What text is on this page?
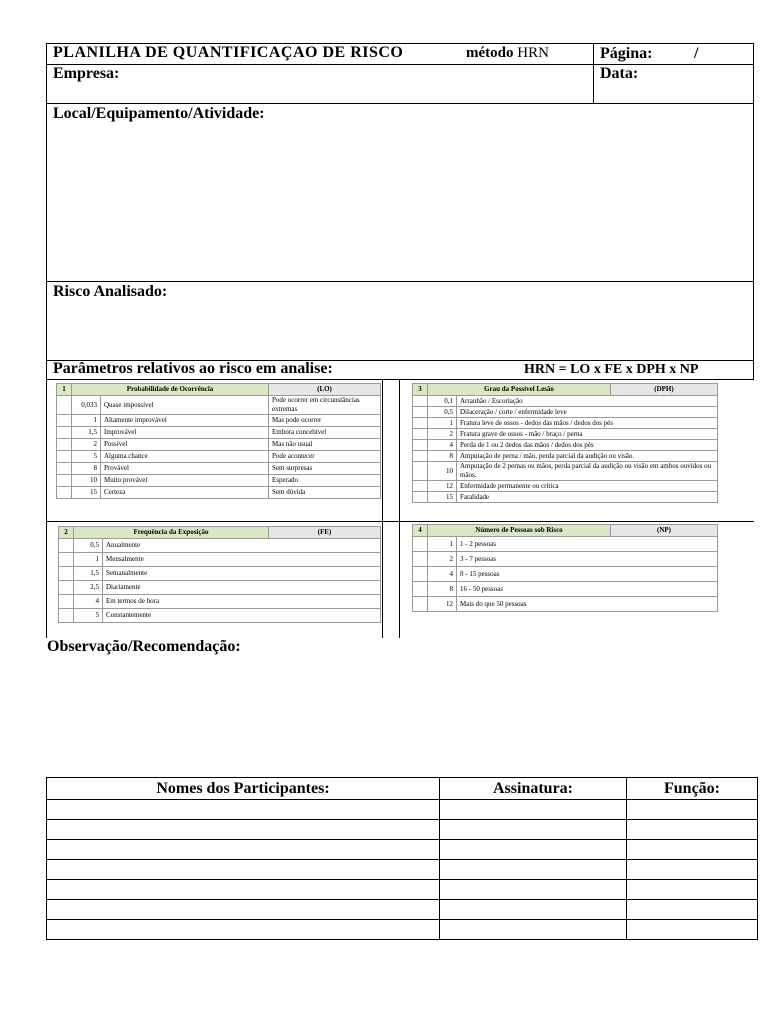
PLANILHA DE QUANTIFICAÇAO DE RISCO	método HRN	Página:	/
Empresa:	Data:
Local/Equipamento/Atividade:
Risco Analisado:
Parâmetros relativos ao risco em analise:	HRN = LO x FE x DPH x NP
1	Probabilidade de Ocorrência		(LO)
	0,033	Quase impossível	Pode ocorrer em circunstâncias extremas
	1	Altamente improvável	Mas pode ocorrer
	1,5	Improvável	Embora concebível
	2	Possível	Mas não usual
	5	Alguma chance	Pode acontecer
	8	Provável	Sem surpresas
	10	Muito provável	Esperado
	15	Certeza	Sem dúvida
2	Frequência da Exposição		(FE)
	0,5	Anualmente	
	1	Mensalmente	
	1,5	Semanalmente	
	2,5	Diariamente	
	4	Em termos de hora	
	5	Constantemente	
3	Grau da Possível Lesão		(DPH)
	0,1	Arranhão / Escoriação	
	0,5	Dilaceração / corte / enfermidade leve	
	1	Fratura leve de ossos - dedos das mãos / dedos dos pés	
	2	Fratura grave de ossos - mão / braço / perna	
	4	Perda de 1 ou 2 dedos das mãos / dedos dos pés	
	8	Amputação de perna / mão, perda parcial da audição ou visão.	
	10	Amputação de 2 pernas ou mãos, perda parcial da audição ou visão em ambos ouvidos ou mãos.	
	12	Enfermidade permanente ou crítica	
	15	Fatalidade	
4	Número de Pessoas sob Risco		(NP)
	1	1 - 2 pessoas	
	2	3 - 7 pessoas	
	4	8 - 15 pessoas	
	8	16 - 50 pessoas	
	12	Mais do que 50 pessoas	
Observação/Recomendação:
Nomes dos Participantes:	Assinatura:	Função:
